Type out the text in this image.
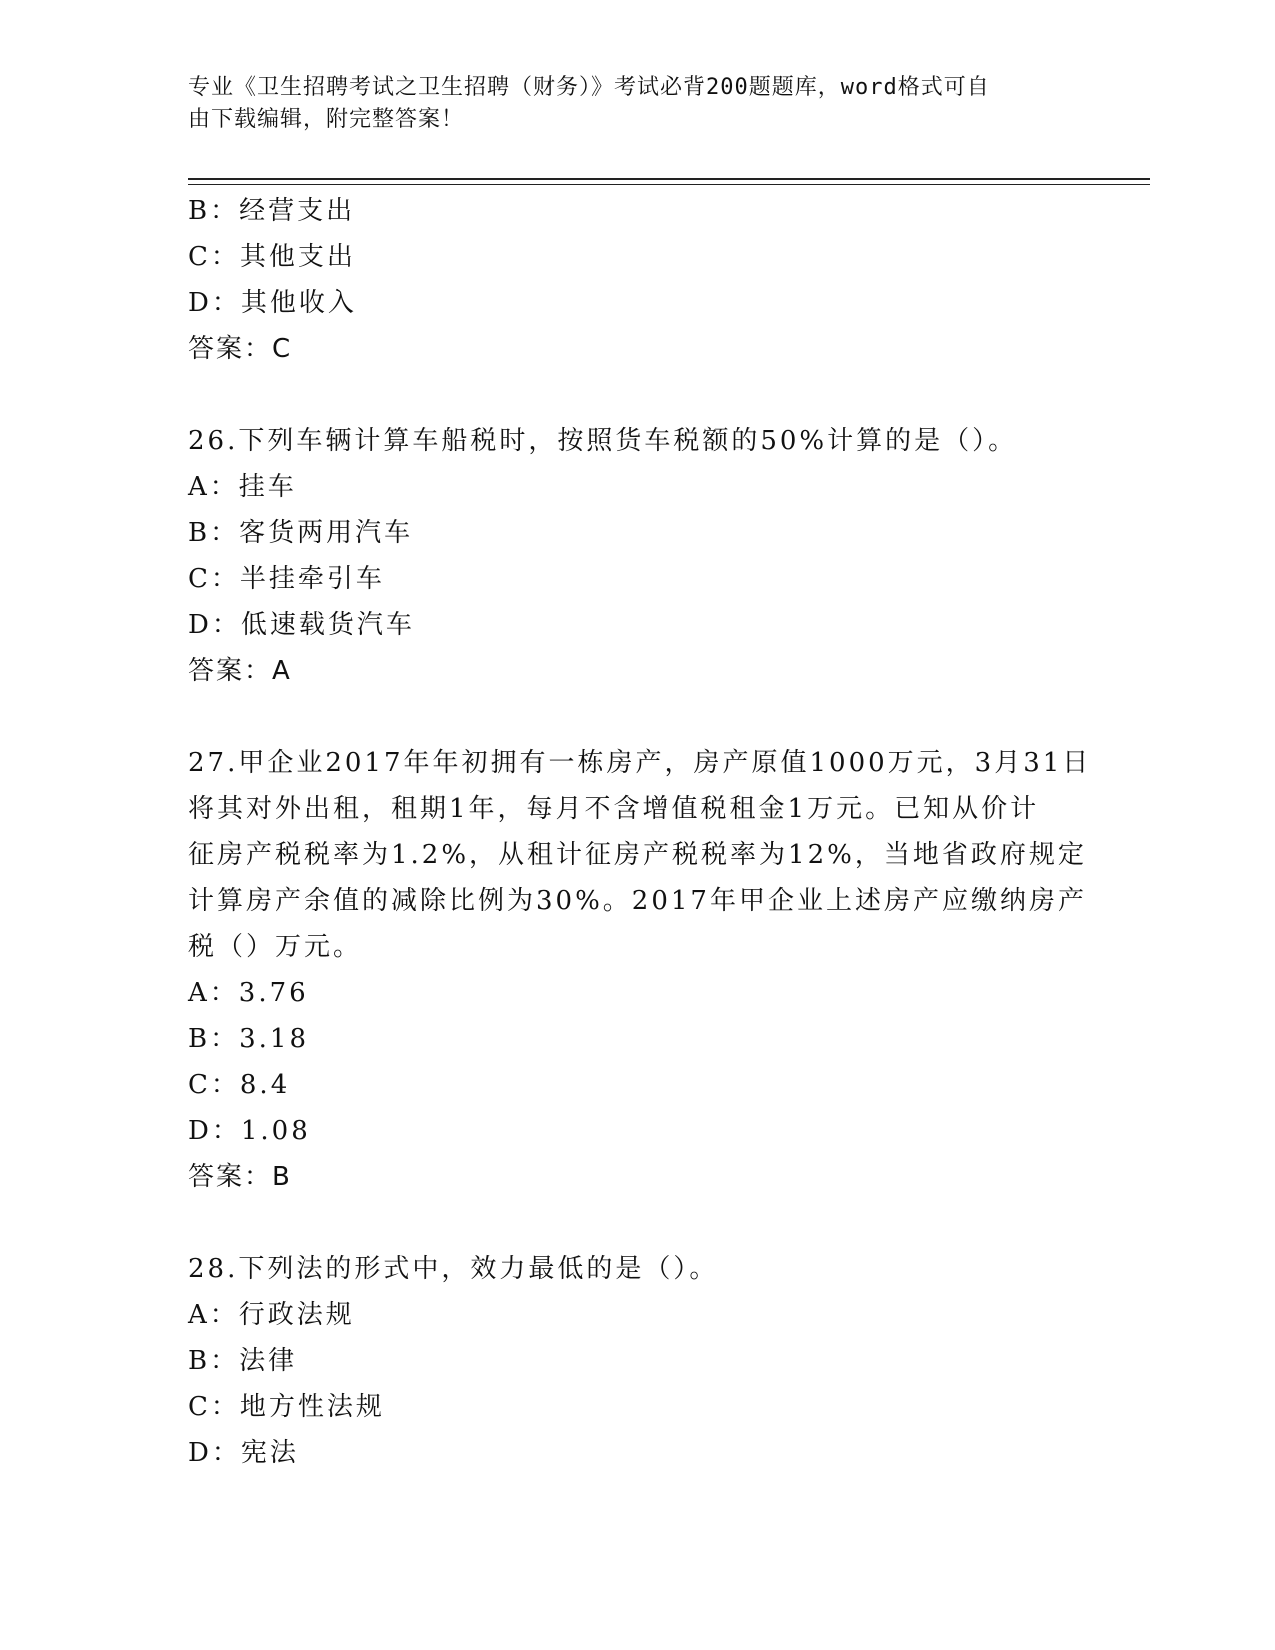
专业《卫生招聘考试之卫生招聘（财务）》考试必背200题题库，word格式可自
由下载编辑，附完整答案！
B：经营支出
C：其他支出
D：其他收入
答案：C
26.下列车辆计算车船税时，按照货车税额的50%计算的是（）。
A：挂车
B：客货两用汽车
C：半挂牵引车
D：低速载货汽车
答案：A
27.甲企业2017年年初拥有一栋房产，房产原值1000万元，3月31日
将其对外出租，租期1年，每月不含增值税租金1万元。已知从价计
征房产税税率为1.2%，从租计征房产税税率为12%，当地省政府规定
计算房产余值的减除比例为30%。2017年甲企业上述房产应缴纳房产
税（）万元。
A：3.76
B：3.18
C：8.4
D：1.08
答案：B
28.下列法的形式中，效力最低的是（）。
A：行政法规
B：法律
C：地方性法规
D：宪法
